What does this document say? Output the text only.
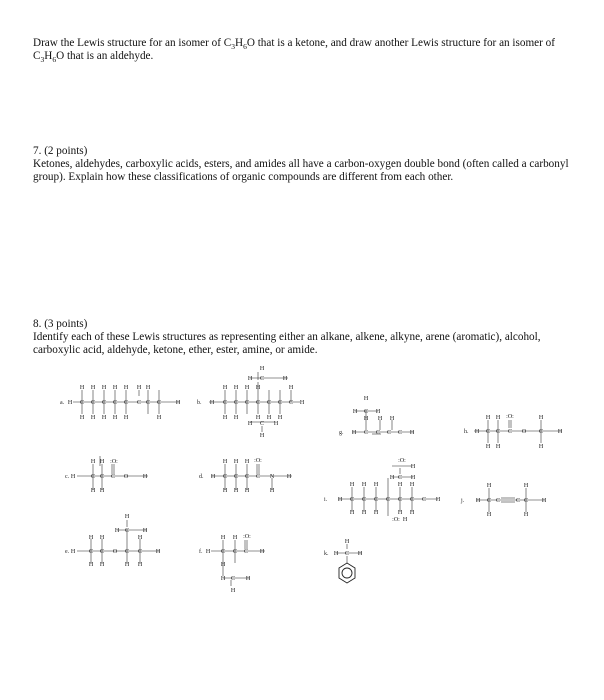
Draw the Lewis structure for an isomer of $C_3H_6O$ that is a ketone, and draw another Lewis structure for an isomer of $C_3H_6O$ that is an aldehyde.

7. (2 points)

Ketones, aldehydes, carboxylic acids, esters, and amides all have a carbon-oxygen double bond (often called a carbonyl group). Explain how these classifications of organic compounds are different from each other.

8. (3 points)

Identify each of these Lewis structures as representing either an alkane, alkene, alkyne, arene (aromatic), alcohol, carboxylic acid, aldehyde, ketone, ether, ester, amine, or amide.

a.
H H H H H H H
H C C C C C C C C H
H H H H H	H
b.
H
H C	H
H H H H	H
H C C C C C C C H
H H	H H H
H C H
H	g.
H
H C H
H H H
H C C C C H	h.
H H :O:	H
H C C C O C H
H H	H
c.
H H :O:
H	C C C O H
H H
d.
H H H :O:
H C C C C N H
H H H	H
i.
:O:
H
H C H
H H H	H H
H C C C C C C C H
H H H	H H
:O: H
j.
H	H
H C C	C C H
H	H
e.
H
H C H
H H	H
H C C O C C H
H H	H H
f.
H H :O:
H C C C H
H
H C H
H
k.
H
H C H
